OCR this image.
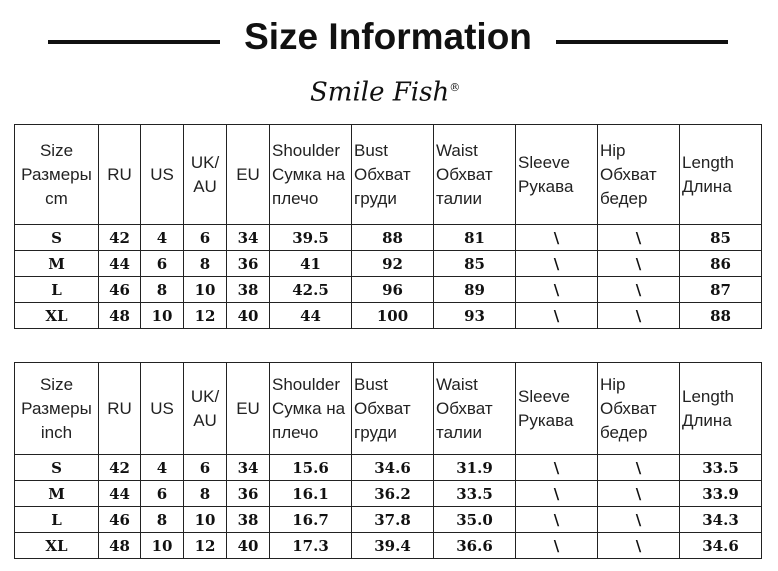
Size Information
Smile Fish®
Size Размеры cm	RU	US	UK/ AU	EU	Shoulder Сумка на плечо	Bust Обхват груди	Waist Обхват талии	Sleeve Рукава	Hip Обхват бедер	Length Длина
S	42	4	6	34	39.5	88	81	\	\	85
M	44	6	8	36	41	92	85	\	\	86
L	46	8	10	38	42.5	96	89	\	\	87
XL	48	10	12	40	44	100	93	\	\	88
Size Размеры inch	RU	US	UK/ AU	EU	Shoulder Сумка на плечо	Bust Обхват груди	Waist Обхват талии	Sleeve Рукава	Hip Обхват бедер	Length Длина
S	42	4	6	34	15.6	34.6	31.9	\	\	33.5
M	44	6	8	36	16.1	36.2	33.5	\	\	33.9
L	46	8	10	38	16.7	37.8	35.0	\	\	34.3
XL	48	10	12	40	17.3	39.4	36.6	\	\	34.6
